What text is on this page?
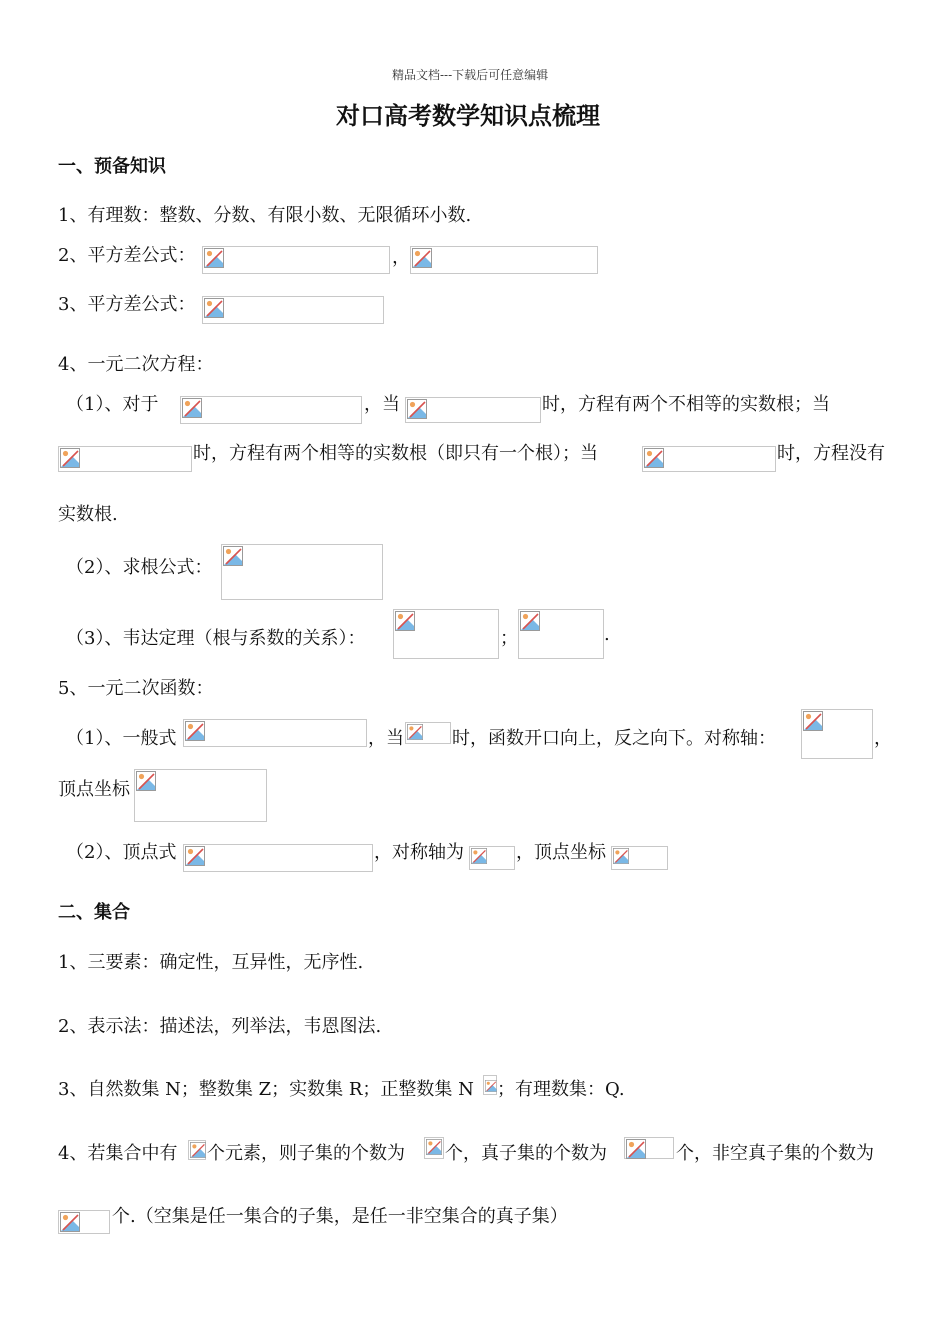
精品文档---下载后可任意编辑
对口高考数学知识点梳理
一、预备知识
1、有理数：整数、分数、有限小数、无限循环小数.
2、平方差公式：	，
3、平方差公式：
4、一元二次方程：
（1）、对于	，当	时，方程有两个不相等的实数根；当
时，方程有两个相等的实数根（即只有一个根）；当	时，方程没有
实数根.
（2）、求根公式：
（3）、韦达定理（根与系数的关系）：	；	.
5、一元二次函数：
（1）、一般式	，当	时，函数开口向上，反之向下。对称轴：	，
顶点坐标
（2）、顶点式	，对称轴为	，顶点坐标
二、集合
1、三要素：确定性，互异性，无序性.
2、表示法：描述法，列举法，韦恩图法.
3、自然数集 N；整数集 Z；实数集 R；正整数集 N ；有理数集：Q.
4、若集合中有 个元素，则子集的个数为 个，真子集的个数为	个，非空真子集的个数为
个.（空集是任一集合的子集，是任一非空集合的真子集）
